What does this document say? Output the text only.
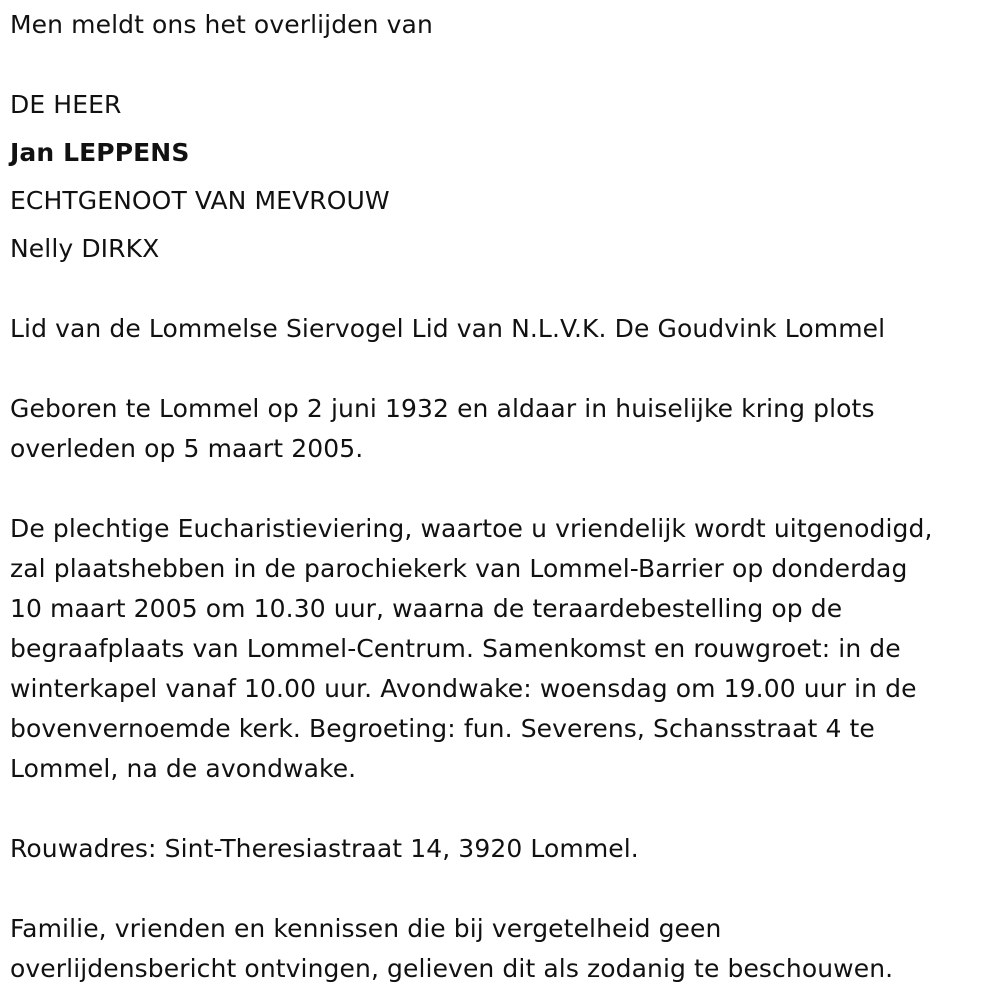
Men meldt ons het overlijden van
DE HEER
Jan LEPPENS
ECHTGENOOT VAN MEVROUW
Nelly DIRKX
Lid van de Lommelse Siervogel Lid van N.L.V.K. De Goudvink Lommel
Geboren te Lommel op 2 juni 1932 en aldaar in huiselijke kring plots
overleden op 5 maart 2005.
De plechtige Eucharistieviering, waartoe u vriendelijk wordt uitgenodigd,
zal plaatshebben in de parochiekerk van Lommel-Barrier op donderdag
10 maart 2005 om 10.30 uur, waarna de teraardebestelling op de
begraafplaats van Lommel-Centrum. Samenkomst en rouwgroet: in de
winterkapel vanaf 10.00 uur. Avondwake: woensdag om 19.00 uur in de
bovenvernoemde kerk. Begroeting: fun. Severens, Schansstraat 4 te
Lommel, na de avondwake.
Rouwadres: Sint-Theresiastraat 14, 3920 Lommel.
Familie, vrienden en kennissen die bij vergetelheid geen
overlijdensbericht ontvingen, gelieven dit als zodanig te beschouwen.
